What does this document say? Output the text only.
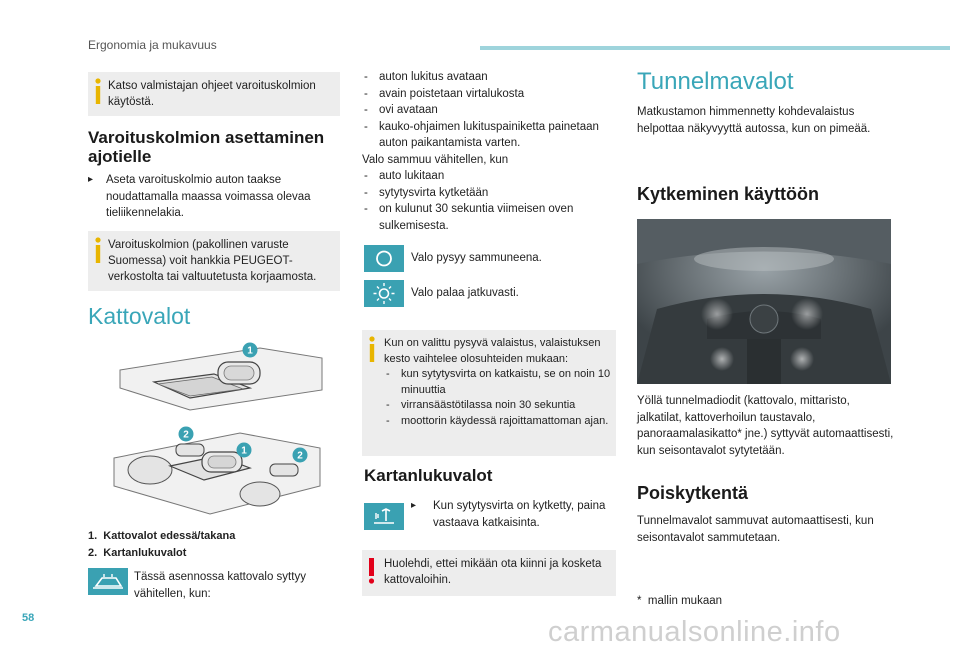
Ergonomia ja mukavuus
Katso valmistajan ohjeet varoituskolmion käytöstä.
Varoituskolmion asettaminen ajotielle
▸	Aseta varoituskolmio auton taakse noudattamalla maassa voimassa olevaa tieliikennelakia.
Varoituskolmion (pakollinen varuste Suomessa) voit hankkia PEUGEOT-verkostolta tai valtuutetusta korjaamosta.
Kattovalot
1
2
1	2
1.  Kattovalot edessä/takana
2.  Kartanlukuvalot
Tässä asennossa kattovalo syttyy vähitellen, kun:
- auton lukitus avataan
- avain poistetaan virtalukosta
- ovi avataan
- kauko-ohjaimen lukituspainiketta painetaan auton paikantamista varten.
Valo sammuu vähitellen, kun
- auto lukitaan
- sytytysvirta kytketään
- on kulunut 30 sekuntia viimeisen oven sulkemisesta.
Valo pysyy sammuneena.
Valo palaa jatkuvasti.
Kun on valittu pysyvä valaistus, valaistuksen kesto vaihtelee olosuhteiden mukaan:
- kun sytytysvirta on katkaistu, se on noin 10 minuuttia
- virransäästötilassa noin 30 sekuntia
- moottorin käydessä rajoittamattoman ajan.
Kartanlukuvalot
▸	Kun sytytysvirta on kytketty, paina vastaava katkaisinta.
Huolehdi, ettei mikään ota kiinni ja kosketa kattovaloihin.
Tunnelmavalot
Matkustamon himmennetty kohdevalaistus helpottaa näkyvyyttä autossa, kun on pimeää.
Kytkeminen käyttöön
Yöllä tunnelmadiodit (kattovalo, mittaristo, jalkatilat, kattoverhoilun taustavalo, panoraamalasikatto* jne.) syttyvät automaattisesti, kun seisontavalot sytytetään.
Poiskytkentä
Tunnelmavalot sammuvat automaattisesti, kun seisontavalot sammutetaan.
*  mallin mukaan
58	carmanualsonline.info
